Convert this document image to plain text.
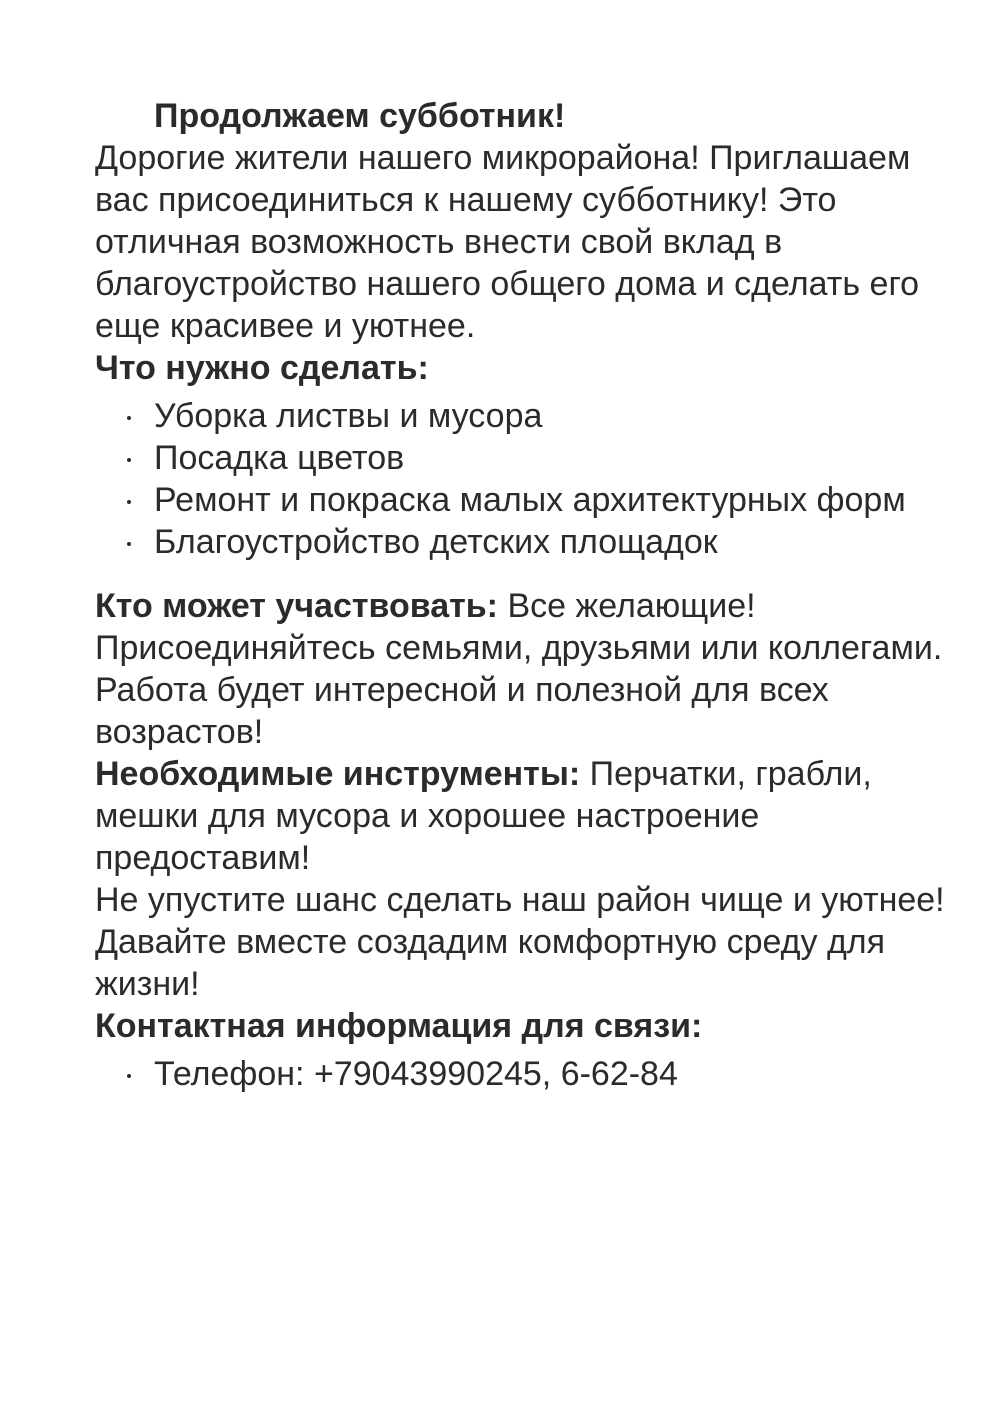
Продолжаем субботник!

Дорогие жители нашего микрорайона! Приглашаем вас присоединиться к нашему субботнику! Это отличная возможность внести свой вклад в благоустройство нашего общего дома и сделать его еще красивее и уютнее.

Что нужно сделать:
Уборка листвы и мусора
Посадка цветов
Ремонт и покраска малых архитектурных форм
Благоустройство детских площадок

Кто может участвовать: Все желающие! Присоединяйтесь семьями, друзьями или коллегами. Работа будет интересной и полезной для всех возрастов!

Необходимые инструменты: Перчатки, грабли, мешки для мусора и хорошее настроение предоставим!

Не упустите шанс сделать наш район чище и уютнее! Давайте вместе создадим комфортную среду для жизни!

Контактная информация для связи:
Телефон: +79043990245, 6-62-84
